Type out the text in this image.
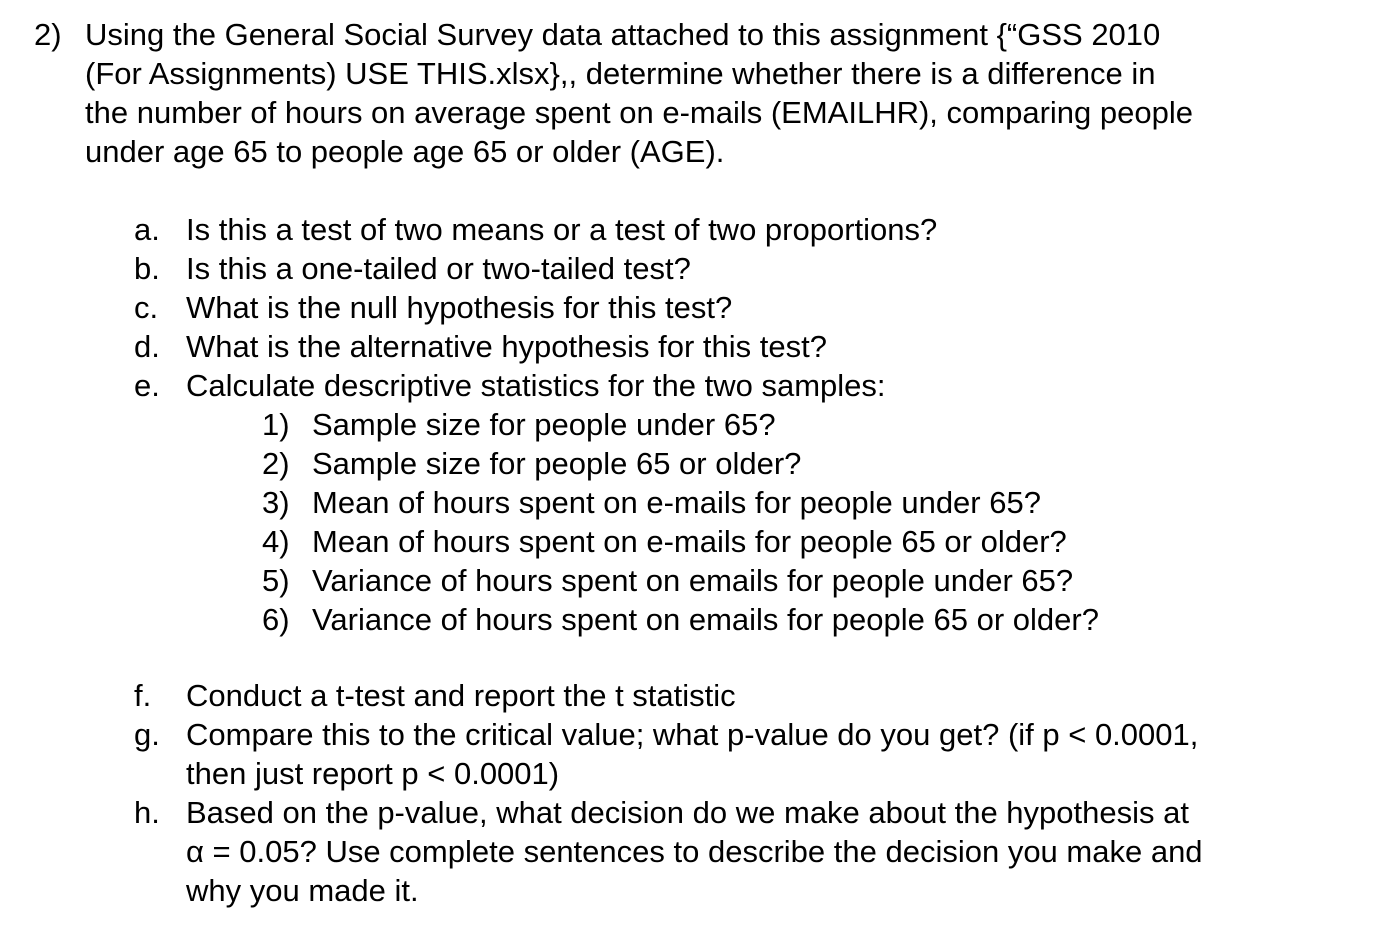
2) Using the General Social Survey data attached to this assignment {“GSS 2010
(For Assignments) USE THIS.xlsx},, determine whether there is a difference in
the number of hours on average spent on e-mails (EMAILHR), comparing people
under age 65 to people age 65 or older (AGE).
a. Is this a test of two means or a test of two proportions?
b. Is this a one-tailed or two-tailed test?
c. What is the null hypothesis for this test?
d. What is the alternative hypothesis for this test?
e. Calculate descriptive statistics for the two samples:
1) Sample size for people under 65?
2) Sample size for people 65 or older?
3) Mean of hours spent on e-mails for people under 65?
4) Mean of hours spent on e-mails for people 65 or older?
5) Variance of hours spent on emails for people under 65?
6) Variance of hours spent on emails for people 65 or older?
f. Conduct a t-test and report the t statistic
g. Compare this to the critical value; what p-value do you get? (if p < 0.0001,
then just report p < 0.0001)
h. Based on the p-value, what decision do we make about the hypothesis at
α = 0.05? Use complete sentences to describe the decision you make and
why you made it.
